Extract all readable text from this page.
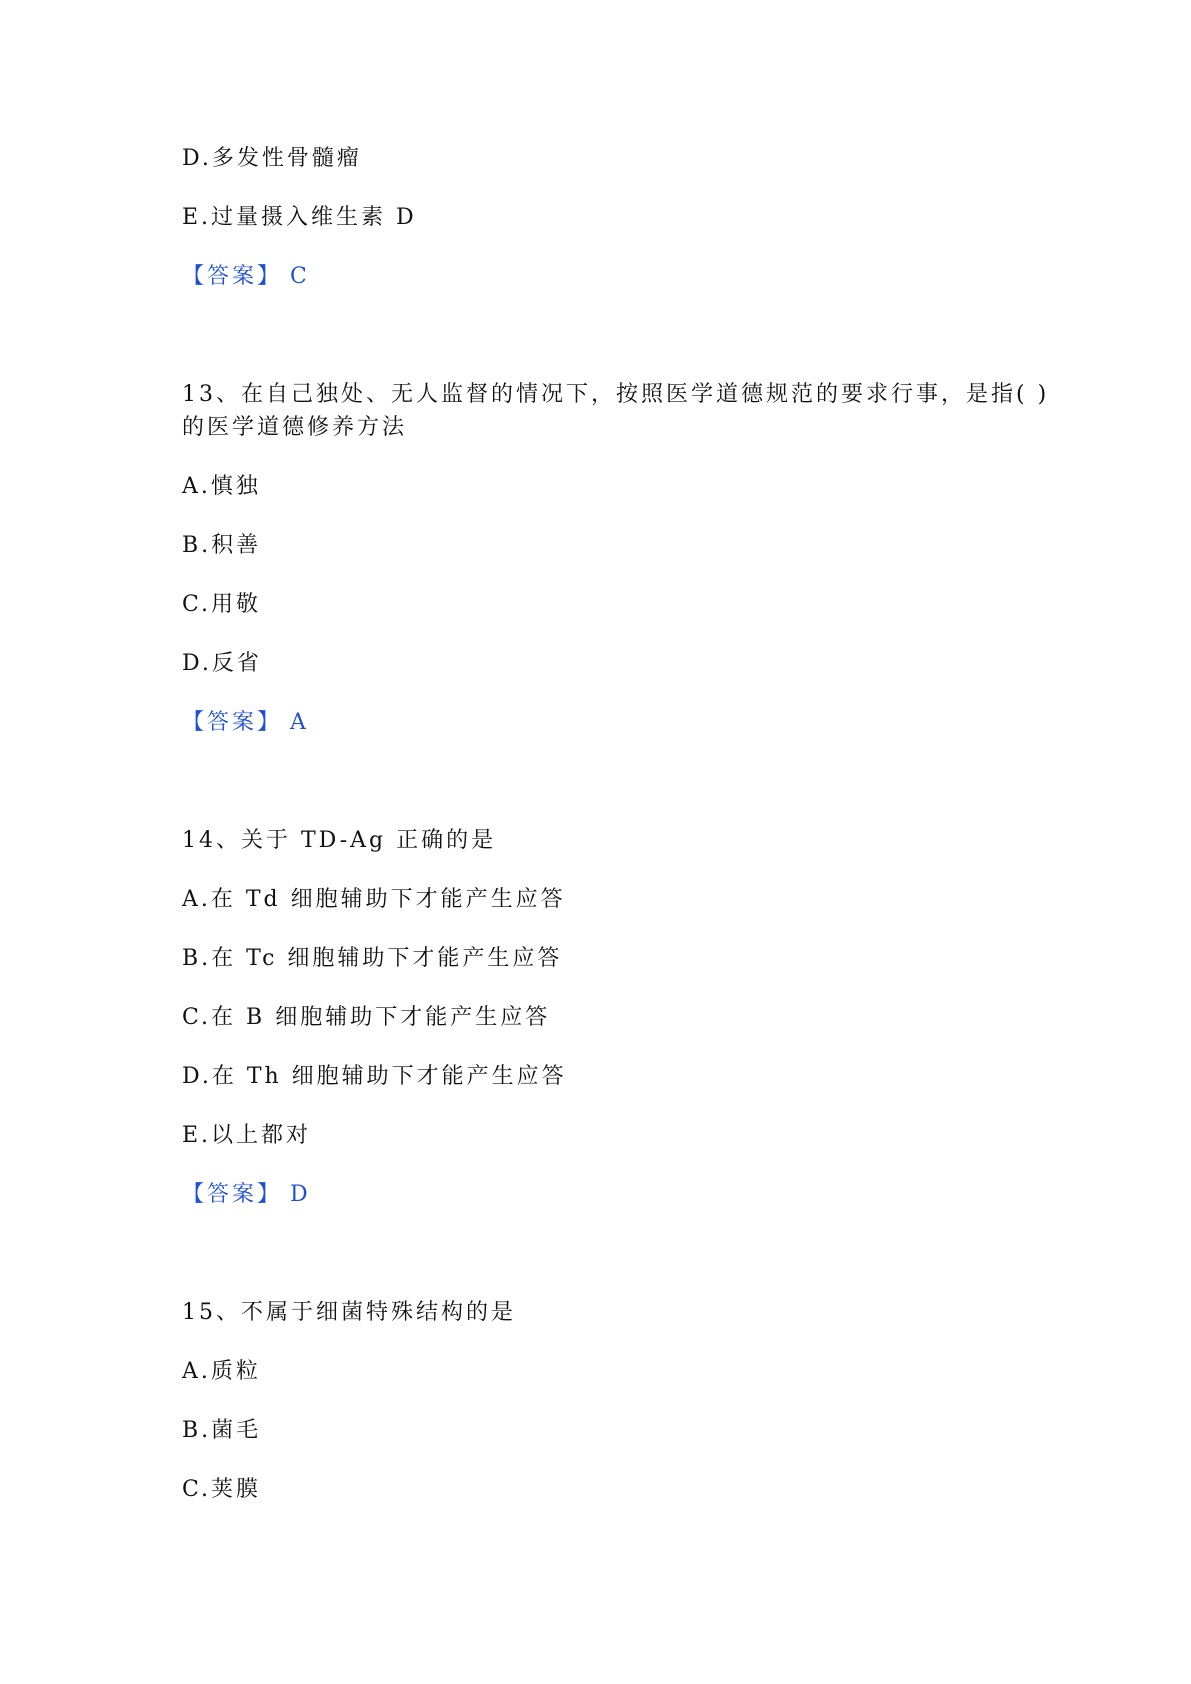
D.多发性骨髓瘤
E.过量摄入维生素 D
【答案】 C
13、在自己独处、无人监督的情况下，按照医学道德规范的要求行事，是指( )
的医学道德修养方法
A.慎独
B.积善
C.用敬
D.反省
【答案】 A
14、关于 TD-Ag 正确的是
A.在 Td 细胞辅助下才能产生应答
B.在 Tc 细胞辅助下才能产生应答
C.在 B 细胞辅助下才能产生应答
D.在 Th 细胞辅助下才能产生应答
E.以上都对
【答案】 D
15、不属于细菌特殊结构的是
A.质粒
B.菌毛
C.荚膜
